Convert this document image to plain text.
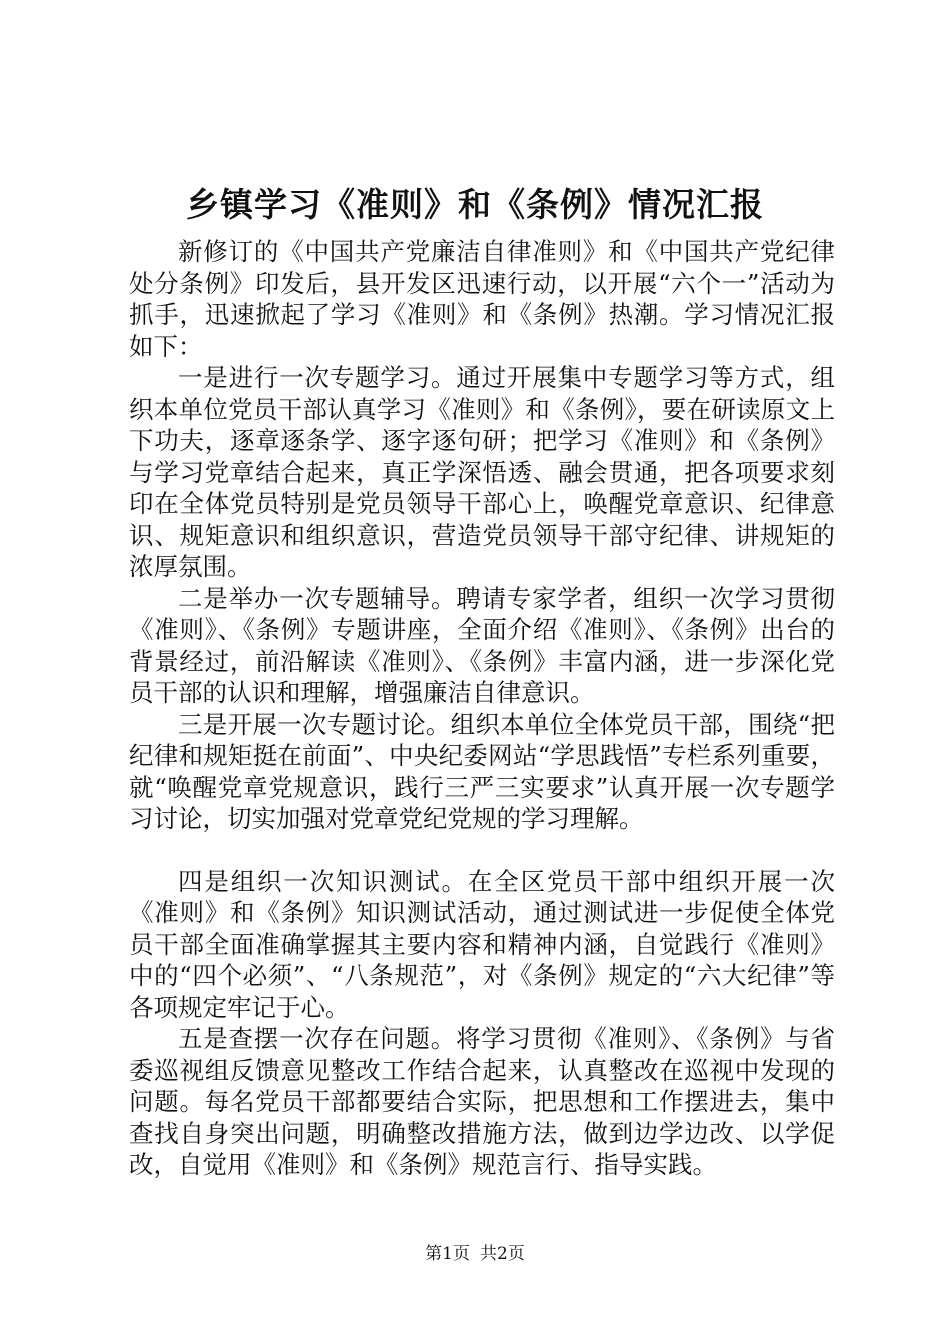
乡镇学习《准则》和《条例》情况汇报

新修订的《中国共产党廉洁自律准则》和《中国共产党纪律处分条例》印发后，县开发区迅速行动，以开展“六个一”活动为抓手，迅速掀起了学习《准则》和《条例》热潮。学习情况汇报如下：

一是进行一次专题学习。通过开展集中专题学习等方式，组织本单位党员干部认真学习《准则》和《条例》，要在研读原文上下功夫，逐章逐条学、逐字逐句研；把学习《准则》和《条例》与学习党章结合起来，真正学深悟透、融会贯通，把各项要求刻印在全体党员特别是党员领导干部心上，唤醒党章意识、纪律意识、规矩意识和组织意识，营造党员领导干部守纪律、讲规矩的浓厚氛围。

二是举办一次专题辅导。聘请专家学者，组织一次学习贯彻《准则》、《条例》专题讲座，全面介绍《准则》、《条例》出台的背景经过，前沿解读《准则》、《条例》丰富内涵，进一步深化党员干部的认识和理解，增强廉洁自律意识。

三是开展一次专题讨论。组织本单位全体党员干部，围绕“把纪律和规矩挺在前面”、中央纪委网站“学思践悟”专栏系列重要，就“唤醒党章党规意识，践行三严三实要求”认真开展一次专题学习讨论，切实加强对党章党纪党规的学习理解。

四是组织一次知识测试。在全区党员干部中组织开展一次《准则》和《条例》知识测试活动，通过测试进一步促使全体党员干部全面准确掌握其主要内容和精神内涵，自觉践行《准则》中的“四个必须”、“八条规范”，对《条例》规定的“六大纪律”等各项规定牢记于心。

五是查摆一次存在问题。将学习贯彻《准则》、《条例》与省委巡视组反馈意见整改工作结合起来，认真整改在巡视中发现的问题。每名党员干部都要结合实际，把思想和工作摆进去，集中查找自身突出问题，明确整改措施方法，做到边学边改、以学促改，自觉用《准则》和《条例》规范言行、指导实践。

第1页 共2页
